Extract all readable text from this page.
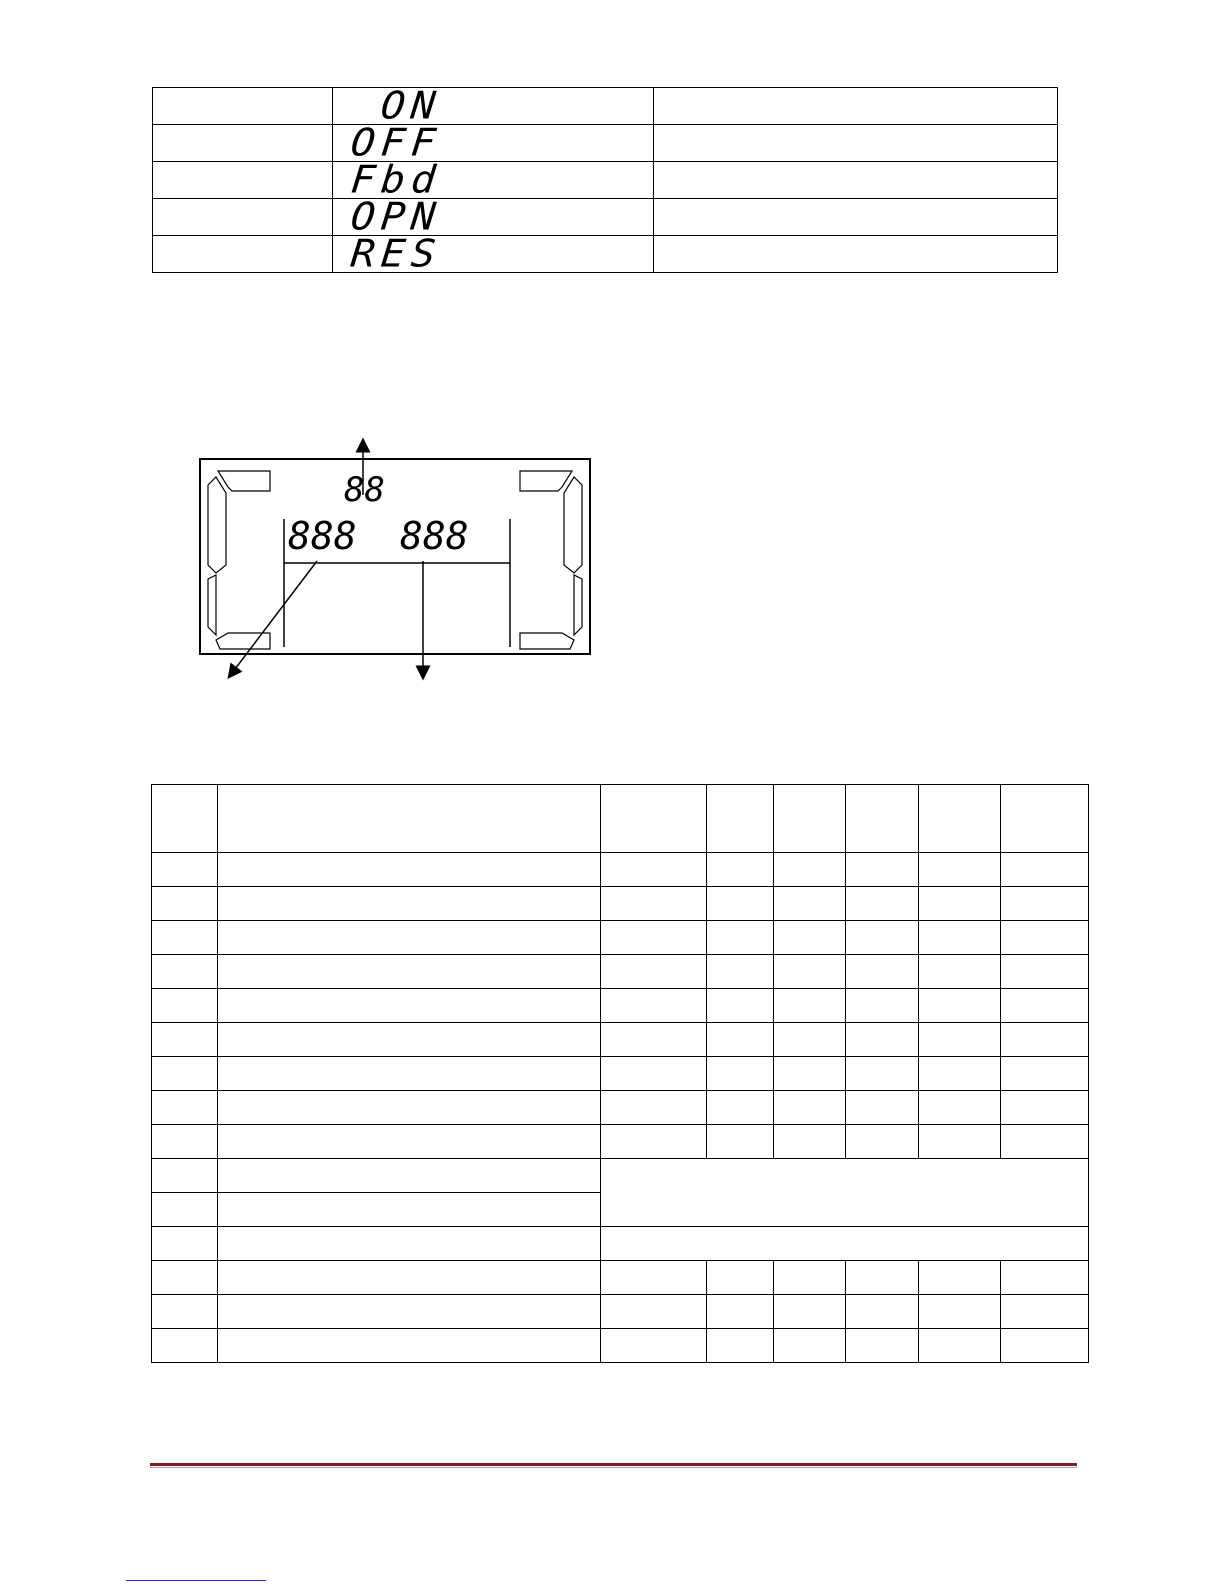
	ON	

	OFF	

	Fbd	

	OPN	

	RES	

88
888 888
